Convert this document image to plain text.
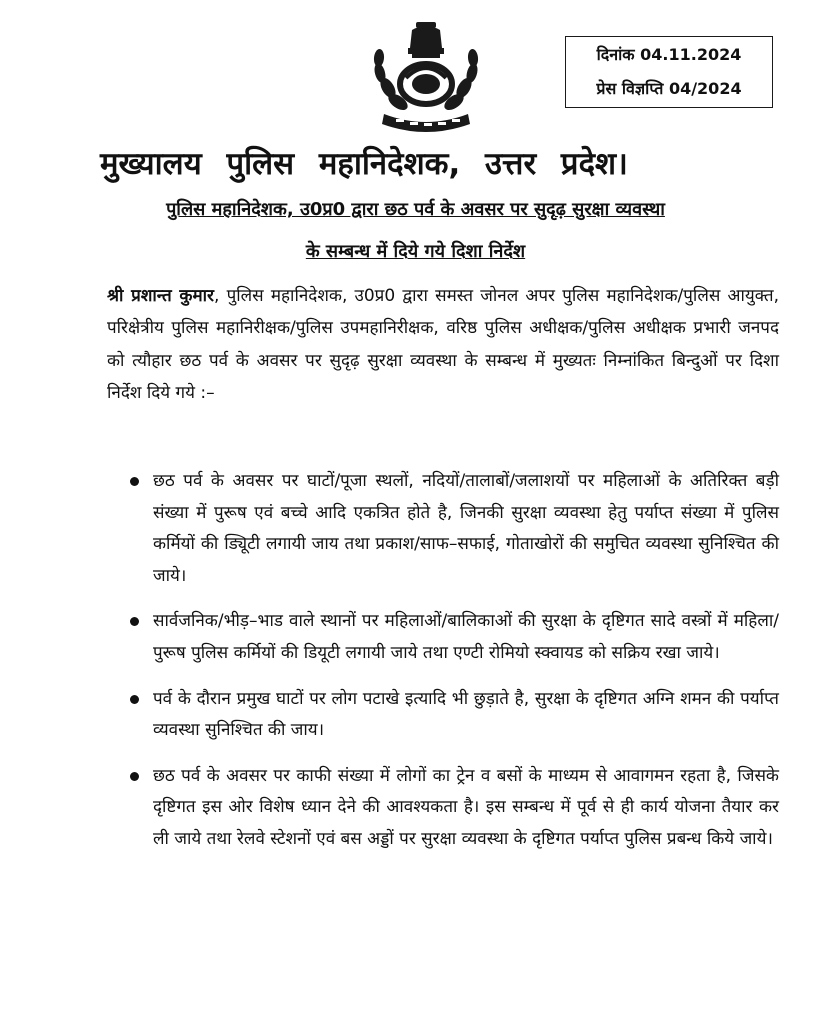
दिनांक 04.11.2024
प्रेस विज्ञप्ति 04/2024
मुख्यालय पुलिस महानिदेशक, उत्तर प्रदेश।
पुलिस महानिदेशक, उ0प्र0 द्वारा छठ पर्व के अवसर पर सुदृढ़ सुरक्षा व्यवस्था
के सम्बन्ध में दिये गये दिशा निर्देश
श्री प्रशान्त कुमार, पुलिस महानिदेशक, उ0प्र0 द्वारा समस्त जोनल अपर पुलिस महानिदेशक/पुलिस आयुक्त, परिक्षेत्रीय पुलिस महानिरीक्षक/पुलिस उपमहानिरीक्षक, वरिष्ठ पुलिस अधीक्षक/पुलिस अधीक्षक प्रभारी जनपद को त्यौहार छठ पर्व के अवसर पर सुदृढ़ सुरक्षा व्यवस्था के सम्बन्ध में मुख्यतः निम्नांकित बिन्दुओं पर दिशा निर्देश दिये गये :–
छठ पर्व के अवसर पर घाटों/पूजा स्थलों, नदियों/तालाबों/जलाशयों पर महिलाओं के अतिरिक्त बड़ी संख्या में पुरूष एवं बच्चे आदि एकत्रित होते है, जिनकी सुरक्षा व्यवस्था हेतु पर्याप्त संख्या में पुलिस कर्मियों की ड्यिूटी लगायी जाय तथा प्रकाश/साफ–सफाई, गोताखोरों की समुचित व्यवस्था सुनिश्चित की जाये।
सार्वजनिक/भीड़–भाड वाले स्थानों पर महिलाओं/बालिकाओं की सुरक्षा के दृष्टिगत सादे वस्त्रों में महिला/पुरूष पुलिस कर्मियों की डियूटी लगायी जाये तथा एण्टी रोमियो स्क्वायड को सक्रिय रखा जाये।
पर्व के दौरान प्रमुख घाटों पर लोग पटाखे इत्यादि भी छुड़ाते है, सुरक्षा के दृष्टिगत अग्नि शमन की पर्याप्त व्यवस्था सुनिश्चित की जाय।
छठ पर्व के अवसर पर काफी संख्या में लोगों का ट्रेन व बसों के माध्यम से आवागमन रहता है, जिसके दृष्टिगत इस ओर विशेष ध्यान देने की आवश्यकता है। इस सम्बन्ध में पूर्व से ही कार्य योजना तैयार कर ली जाये तथा रेलवे स्टेशनों एवं बस अड्डों पर सुरक्षा व्यवस्था के दृष्टिगत पर्याप्त पुलिस प्रबन्ध किये जाये।
